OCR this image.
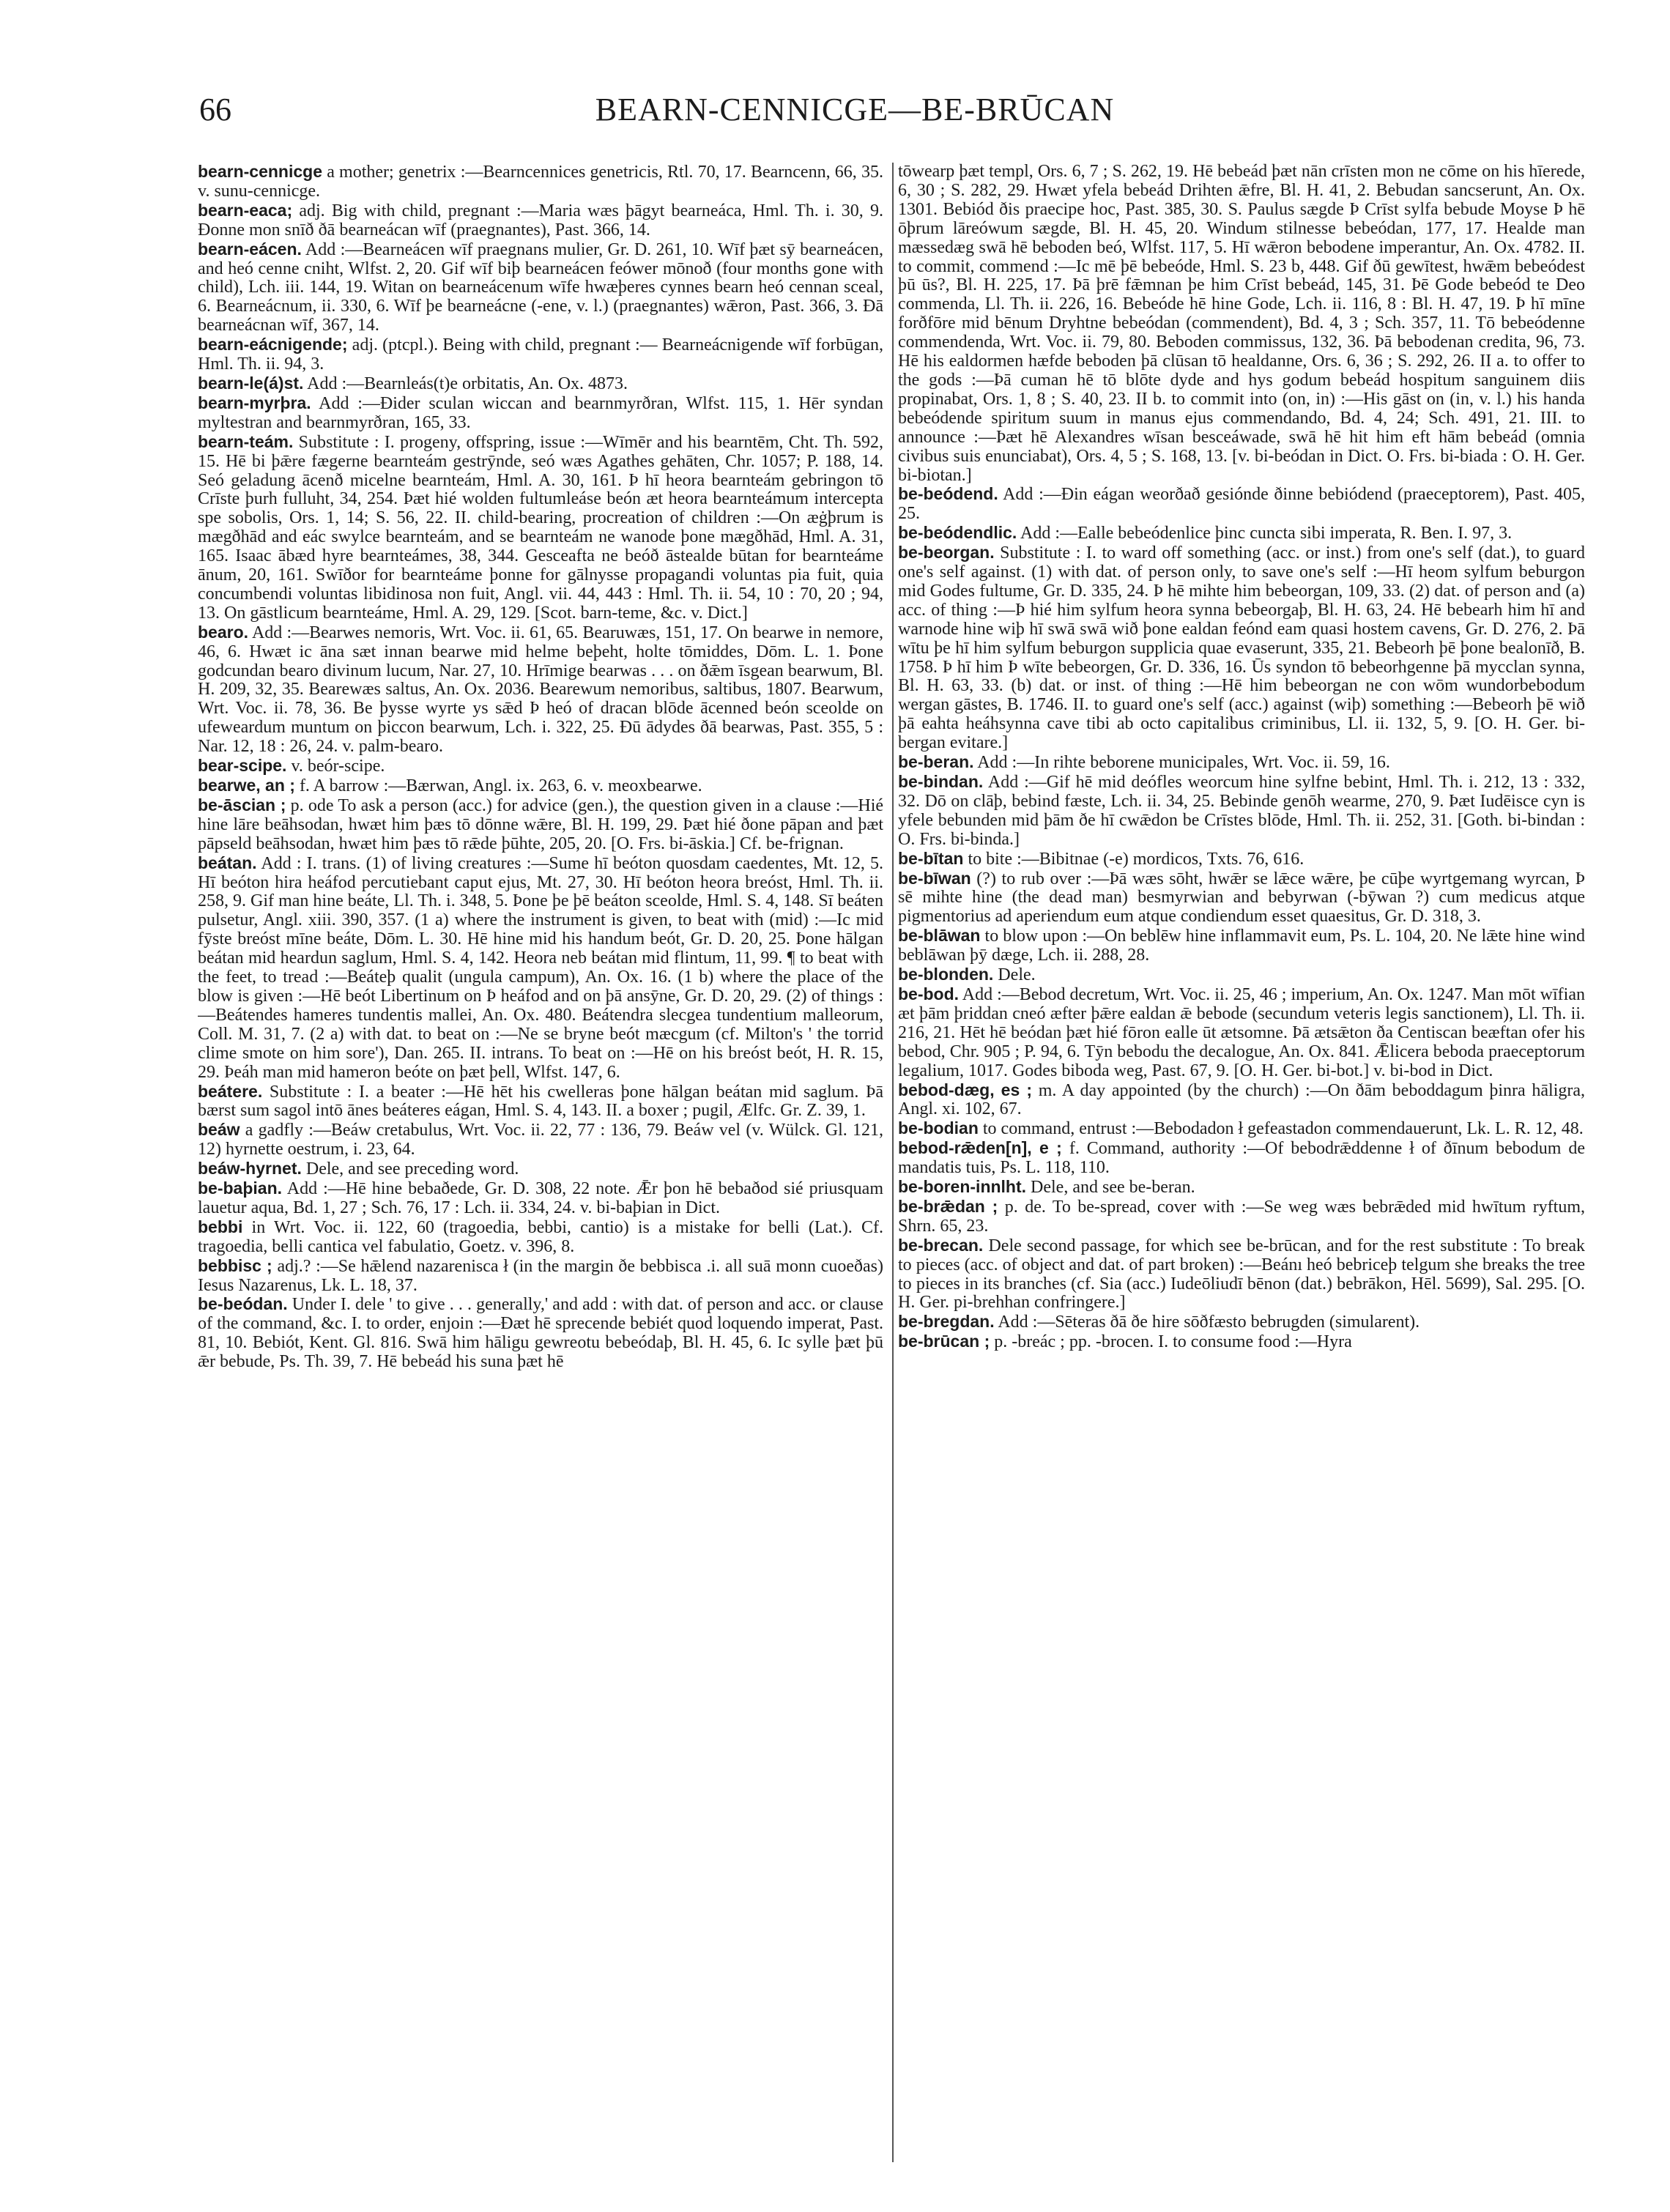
66	BEARN-CENNICGE—BE-BRŪCAN

bearn-cennicge a mother; genetrix :—Bearncennices genetricis, Rtl. 70, 17. Bearncenn, 66, 35. v. sunu-cennicge.

bearn-eaca; adj. Big with child, pregnant :—Maria wæs þāgyt bearneáca, Hml. Th. i. 30, 9. Ðonne mon snīð ðā bearneácan wīf (praegnantes), Past. 366, 14.

bearn-eácen. Add :—Bearneácen wīf praegnans mulier, Gr. D. 261, 10. Wīf þæt sȳ bearneácen, and heó cenne cniht, Wlfst. 2, 20. Gif wīf biþ bearneácen feówer mōnoð (four months gone with child), Lch. iii. 144, 19. Witan on bearneácenum wīfe hwæþeres cynnes bearn heó cennan sceal, 6. Bearneácnum, ii. 330, 6. Wīf þe bearneácne (-ene, v. l.) (praegnantes) wǣron, Past. 366, 3. Ðā bearneácnan wīf, 367, 14.

bearn-eácnigende; adj. (ptcpl.). Being with child, pregnant :— Bearneácnigende wīf forbūgan, Hml. Th. ii. 94, 3.

bearn-le(á)st. Add :—Bearnleás(t)e orbitatis, An. Ox. 4873.

bearn-myrþra. Add :—Ðider sculan wiccan and bearnmyrðran, Wlfst. 115, 1. Hēr syndan myltestran and bearnmyrðran, 165, 33.

bearn-teám. Substitute : I. progeny, offspring, issue :—Wīmēr and his bearntēm, Cht. Th. 592, 15. Hē bi þǣre fægerne bearnteám gestrȳnde, seó wæs Agathes gehāten, Chr. 1057; P. 188, 14. Seó geladung ācenð micelne bearnteám, Hml. A. 30, 161. Þ hī heora bearnteám gebringon tō Crīste þurh fulluht, 34, 254. Þæt hié wolden fultumleáse beón æt heora bearnteámum intercepta spe sobolis, Ors. 1, 14; S. 56, 22. II. child-bearing, procreation of children :—On æġþrum is mægðhād and eác swylce bearnteám, and se bearnteám ne wanode þone mægðhād, Hml. A. 31, 165. Isaac ābæd hyre bearnteámes, 38, 344. Gesceafta ne beóð āstealde būtan for bearnteáme ānum, 20, 161. Swīðor for bearnteáme þonne for gālnysse propagandi voluntas pia fuit, quia concumbendi voluntas libidinosa non fuit, Angl. vii. 44, 443 : Hml. Th. ii. 54, 10 : 70, 20 ; 94, 13. On gāstlicum bearnteáme, Hml. A. 29, 129. [Scot. barn-teme, &c. v. Dict.]

bearo. Add :—Bearwes nemoris, Wrt. Voc. ii. 61, 65. Bearuwæs, 151, 17. On bearwe in nemore, 46, 6. Hwæt ic āna sæt innan bearwe mid helme beþeht, holte tōmiddes, Dōm. L. 1. Þone godcundan bearo divinum lucum, Nar. 27, 10. Hrīmige bearwas . . . on ðǣm īsgean bearwum, Bl. H. 209, 32, 35. Bearewæs saltus, An. Ox. 2036. Bearewum nemoribus, saltibus, 1807. Bearwum, Wrt. Voc. ii. 78, 36. Be þysse wyrte ys sǣd Þ heó of dracan blōde ācenned beón sceolde on ufeweardum muntum on þiccon bearwum, Lch. i. 322, 25. Ðū ādydes ðā bearwas, Past. 355, 5 : Nar. 12, 18 : 26, 24. v. palm-bearo.

bear-scipe. v. beór-scipe.

bearwe, an ; f. A barrow :—Bærwan, Angl. ix. 263, 6. v. meoxbearwe.

be-āscian ; p. ode To ask a person (acc.) for advice (gen.), the question given in a clause :—Hié hine lāre beāhsodan, hwæt him þæs tō dōnne wǣre, Bl. H. 199, 29. Þæt hié ðone pāpan and þæt pāpseld beāhsodan, hwæt him þæs tō rǣde þūhte, 205, 20. [O. Frs. bi-āskia.] Cf. be-frignan.

beátan. Add : I. trans. (1) of living creatures :—Sume hī beóton quosdam caedentes, Mt. 12, 5. Hī beóton hira heáfod percutiebant caput ejus, Mt. 27, 30. Hī beóton heora breóst, Hml. Th. ii. 258, 9. Gif man hine beáte, Ll. Th. i. 348, 5. Þone þe þē beáton sceolde, Hml. S. 4, 148. Sī beáten pulsetur, Angl. xiii. 390, 357. (1 a) where the instrument is given, to beat with (mid) :—Ic mid fȳste breóst mīne beáte, Dōm. L. 30. Hē hine mid his handum beót, Gr. D. 20, 25. Þone hālgan beátan mid heardun saglum, Hml. S. 4, 142. Heora neb beátan mid flintum, 11, 99. ¶ to beat with the feet, to tread :—Beáteþ qualit (ungula campum), An. Ox. 16. (1 b) where the place of the blow is given :—Hē beót Libertinum on Þ heáfod and on þā ansȳne, Gr. D. 20, 29. (2) of things :—Beátendes hameres tundentis mallei, An. Ox. 480. Beátendra slecgea tundentium malleorum, Coll. M. 31, 7. (2 a) with dat. to beat on :—Ne se bryne beót mæcgum (cf. Milton's ' the torrid clime smote on him sore'), Dan. 265. II. intrans. To beat on :—Hē on his breóst beót, H. R. 15, 29. Þeáh man mid hameron beóte on þæt þell, Wlfst. 147, 6.

beátere. Substitute : I. a beater :—Hē hēt his cwelleras þone hālgan beátan mid saglum. Þā bærst sum sagol intō ānes beáteres eágan, Hml. S. 4, 143. II. a boxer ; pugil, Ælfc. Gr. Z. 39, 1.

beáw a gadfly :—Beáw cretabulus, Wrt. Voc. ii. 22, 77 : 136, 79. Beáw vel (v. Wülck. Gl. 121, 12) hyrnette oestrum, i. 23, 64.

beáw-hyrnet. Dele, and see preceding word.

be-baþian. Add :—Hē hine bebaðede, Gr. D. 308, 22 note. Ǣr þon hē bebaðod sié priusquam lauetur aqua, Bd. 1, 27 ; Sch. 76, 17 : Lch. ii. 334, 24. v. bi-baþian in Dict.

bebbi in Wrt. Voc. ii. 122, 60 (tragoedia, bebbi, cantio) is a mistake for belli (Lat.). Cf. tragoedia, belli cantica vel fabulatio, Goetz. v. 396, 8.

bebbisc ; adj.? :—Se hǣlend nazarenisca ł (in the margin ðe bebbisca .i. all suā monn cuoeðas) Iesus Nazarenus, Lk. L. 18, 37.

be-beódan. Under I. dele ' to give . . . generally,' and add : with dat. of person and acc. or clause of the command, &c. I. to order, enjoin :—Ðæt hē sprecende bebiét quod loquendo imperat, Past. 81, 10. Bebiót, Kent. Gl. 816. Swā him hāligu gewreotu bebeódaþ, Bl. H. 45, 6. Ic sylle þæt þū ǣr bebude, Ps. Th. 39, 7. Hē bebeád his suna þæt hē

tōwearp þæt templ, Ors. 6, 7 ; S. 262, 19. Hē bebeád þæt nān crīsten mon ne cōme on his hīerede, 6, 30 ; S. 282, 29. Hwæt yfela bebeád Drihten ǣfre, Bl. H. 41, 2. Bebudan sancserunt, An. Ox. 1301. Bebiód ðis praecipe hoc, Past. 385, 30. S. Paulus sægde Þ Crīst sylfa bebude Moyse Þ hē ōþrum lāreówum sægde, Bl. H. 45, 20. Windum stilnesse bebeódan, 177, 17. Healde man mæssedæg swā hē beboden beó, Wlfst. 117, 5. Hī wǣron bebodene imperantur, An. Ox. 4782. II. to commit, commend :—Ic mē þē bebeóde, Hml. S. 23 b, 448. Gif ðū gewītest, hwǣm bebeódest þū ūs?, Bl. H. 225, 17. Þā þrē fǣmnan þe him Crīst bebeád, 145, 31. Þē Gode bebeód te Deo commenda, Ll. Th. ii. 226, 16. Bebeóde hē hine Gode, Lch. ii. 116, 8 : Bl. H. 47, 19. Þ hī mīne forðfōre mid bēnum Dryhtne bebeódan (commendent), Bd. 4, 3 ; Sch. 357, 11. Tō bebeódenne commendenda, Wrt. Voc. ii. 79, 80. Beboden commissus, 132, 36. Þā bebodenan credita, 96, 73. Hē his ealdormen hæfde beboden þā clūsan tō healdanne, Ors. 6, 36 ; S. 292, 26. II a. to offer to the gods :—Þā cuman hē tō blōte dyde and hys godum bebeád hospitum sanguinem diis propinabat, Ors. 1, 8 ; S. 40, 23. II b. to commit into (on, in) :—His gāst on (in, v. l.) his handa bebeódende spiritum suum in manus ejus commendando, Bd. 4, 24; Sch. 491, 21. III. to announce :—Þæt hē Alexandres wīsan besceáwade, swā hē hit him eft hām bebeád (omnia civibus suis enunciabat), Ors. 4, 5 ; S. 168, 13. [v. bi-beódan in Dict. O. Frs. bi-biada : O. H. Ger. bi-biotan.]

be-beódend. Add :—Ðin eágan weorðað gesióndе ðinne bebiódend (praeceptorem), Past. 405, 25.

be-beódendlic. Add :—Ealle bebeódenlice þinc cuncta sibi imperata, R. Ben. I. 97, 3.

be-beorgan. Substitute : I. to ward off something (acc. or inst.) from one's self (dat.), to guard one's self against. (1) with dat. of person only, to save one's self :—Hī heom sylfum beburgon mid Godes fultume, Gr. D. 335, 24. Þ hē mihte him bebeorgan, 109, 33. (2) dat. of person and (a) acc. of thing :—Þ hié him sylfum heora synna bebeorgaþ, Bl. H. 63, 24. Hē bebearh him hī and warnode hine wiþ hī swā swā wið þone ealdan feónd eam quasi hostem cavens, Gr. D. 276, 2. Þā wītu þe hī him sylfum beburgon supplicia quae evaserunt, 335, 21. Bebeorh þē þone bealonīð, B. 1758. Þ hī him Þ wīte bebeorgen, Gr. D. 336, 16. Ūs syndon tō bebeorhgenne þā mycclan synna, Bl. H. 63, 33. (b) dat. or inst. of thing :—Hē him bebeorgan ne con wōm wundorbebodum wergan gāstes, B. 1746. II. to guard one's self (acc.) against (wiþ) something :—Bebeorh þē wið þā eahta heáhsynna cave tibi ab octo capitalibus criminibus, Ll. ii. 132, 5, 9. [O. H. Ger. bi-bergan evitare.]

be-beran. Add :—In rihte beborene municipales, Wrt. Voc. ii. 59, 16.

be-bindan. Add :—Gif hē mid deófles weorcum hine sylfne bebint, Hml. Th. i. 212, 13 : 332, 32. Dō on clāþ, bebind fæste, Lch. ii. 34, 25. Bebinde genōh wearme, 270, 9. Þæt Iudēisce cyn is yfele bebunden mid þām ðe hī cwǣdon be Crīstes blōde, Hml. Th. ii. 252, 31. [Goth. bi-bindan : O. Frs. bi-binda.]

be-bītan to bite :—Bibitnae (-e) mordicos, Txts. 76, 616.

be-bīwan (?) to rub over :—Þā wæs sōht, hwǣr se lǣce wǣre, þe cūþe wyrtgemang wyrcan, Þ sē mihte hine (the dead man) besmyrwian and bebyrwan (-bȳwan ?) cum medicus atque pigmentorius ad aperiendum eum atque condiendum esset quaesitus, Gr. D. 318, 3.

be-blāwan to blow upon :—On beblēw hine inflammavit eum, Ps. L. 104, 20. Ne lǣte hine wind beblāwan þȳ dæge, Lch. ii. 288, 28.

be-blonden. Dele.

be-bod. Add :—Bebod decretum, Wrt. Voc. ii. 25, 46 ; imperium, An. Ox. 1247. Man mōt wīfian æt þām þriddan cneó æfter þǣre ealdan ǣ bebode (secundum veteris legis sanctionem), Ll. Th. ii. 216, 21. Hēt hē beódan þæt hié fōron ealle ūt ætsomne. Þā ætsǣton ða Centiscan beæftan ofer his bebod, Chr. 905 ; P. 94, 6. Tȳn bebodu the decalogue, An. Ox. 841. Ǣlicera beboda praeceptorum legalium, 1017. Godes biboda weg, Past. 67, 9. [O. H. Ger. bi-bot.] v. bi-bod in Dict.

bebod-dæg, es ; m. A day appointed (by the church) :—On ðām beboddagum þinra hāligra, Angl. xi. 102, 67.

be-bodian to command, entrust :—Bebodadon ł gefeastadon commendauerunt, Lk. L. R. 12, 48.

bebod-rǣden[n], e ; f. Command, authority :—Of bebodrǣddenne ł of ðīnum bebodum de mandatis tuis, Ps. L. 118, 110.

be-boren-innlht. Dele, and see be-beran.

be-brǣdan ; p. de. To be-spread, cover with :—Se weg wæs bebrǣded mid hwītum ryftum, Shrn. 65, 23.

be-brecan. Dele second passage, for which see be-brūcan, and for the rest substitute : To break to pieces (acc. of object and dat. of part broken) :—Beánı heó bebriceþ telgum she breaks the tree to pieces in its branches (cf. Sia (acc.) Iudeōliudī bēnon (dat.) bebrākon, Hēl. 5699), Sal. 295. [O. H. Ger. pi-brehhan confringere.]

be-bregdan. Add :—Sēteras ðā ðe hire sōðfæsto bebrugden (simularent).

be-brūcan ; p. -breác ; pp. -brocen. I. to consume food :—Hyra
